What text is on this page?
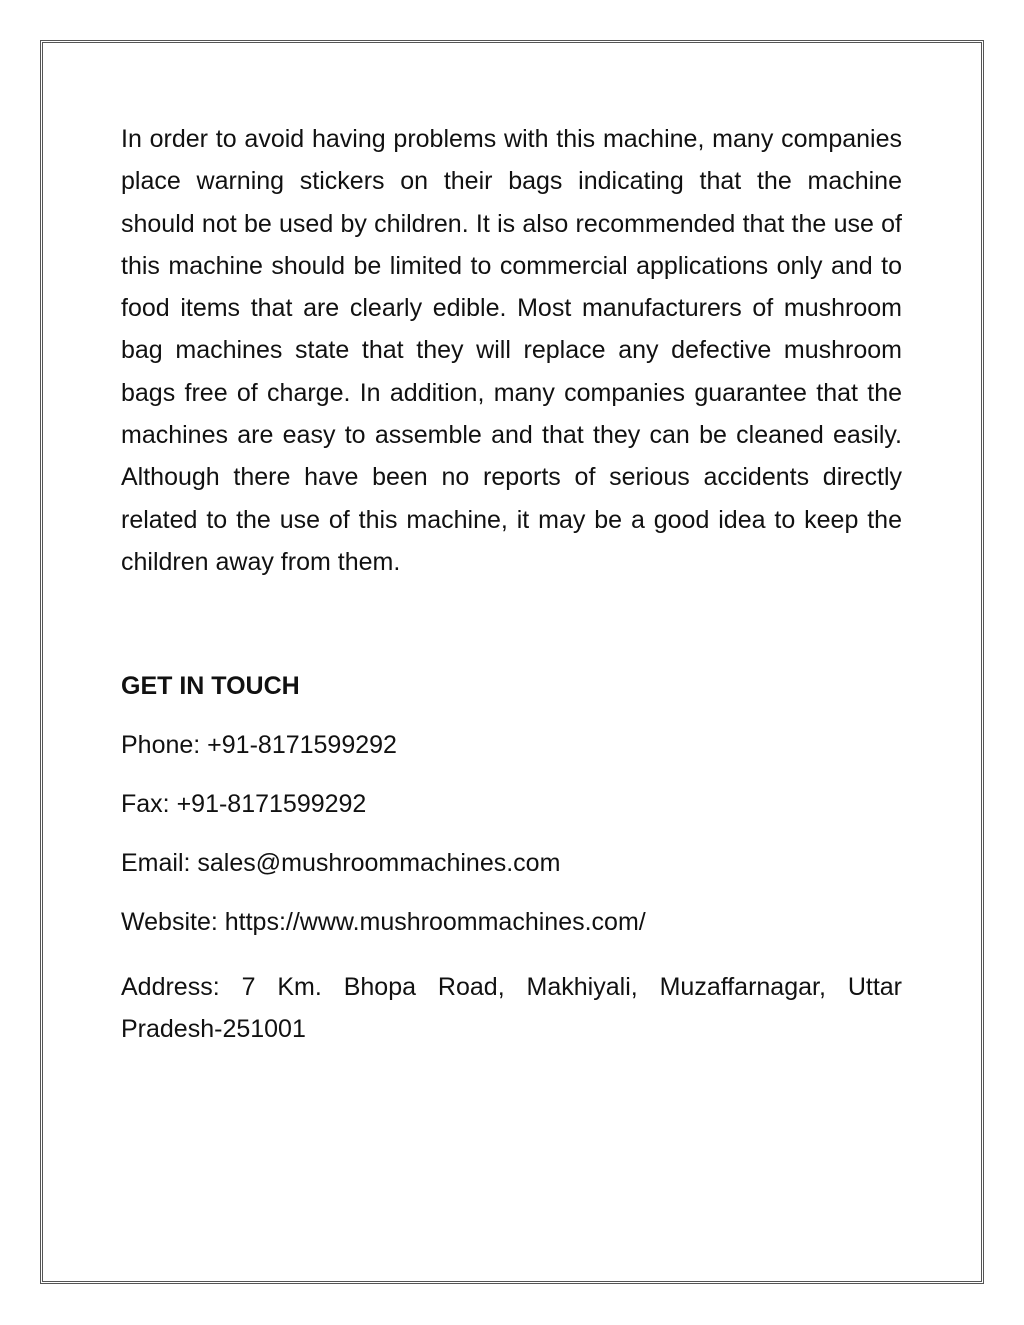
In order to avoid having problems with this machine, many companies place warning stickers on their bags indicating that the machine should not be used by children. It is also recommended that the use of this machine should be limited to commercial applications only and to food items that are clearly edible. Most manufacturers of mushroom bag machines state that they will replace any defective mushroom bags free of charge. In addition, many companies guarantee that the machines are easy to assemble and that they can be cleaned easily. Although there have been no reports of serious accidents directly related to the use of this machine, it may be a good idea to keep the children away from them.

GET IN TOUCH
Phone: +91-8171599292
Fax: +91-8171599292
Email: sales@mushroommachines.com
Website: https://www.mushroommachines.com/
Address: 7 Km. Bhopa Road, Makhiyali, Muzaffarnagar, Uttar Pradesh-251001
